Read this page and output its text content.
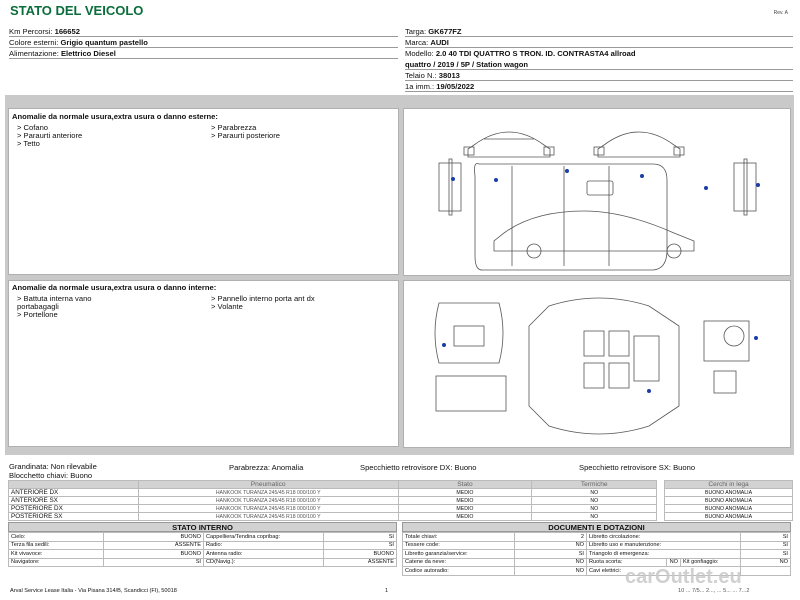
STATO DEL VEICOLO	Rev. A
Km Percorsi: 166652
Colore esterni: Grigio quantum pastello
Alimentazione: Elettrico Diesel
Targa: GK677FZ
Marca: AUDI
Modello: 2.0 40 TDI QUATTRO S TRON. ID. CONTRASTA4 allroad
quattro / 2019 / 5P / Station wagon
Telaio N.: 38013
1a imm.: 19/05/2022
Anomalie da normale usura,extra usura o danno esterne:
> Cofano
> Paraurti anteriore
> Tetto
> Parabrezza
> Paraurti posteriore
Anomalie da normale usura,extra usura o danno interne:
> Battuta interna vano
portabagagli
> Portellone
> Pannello interno porta ant dx
> Volante
Grandinata: Non rilevabile	Parabrezza: Anomalia	Specchietto retrovisore DX: Buono	Specchietto retrovisore SX: Buono
Blocchetto chiavi: Buono
	Pneumatico	Stato	Termiche		Cerchi in lega
ANTERIORE DX	HANKOOK TURANZA 245/45 R18 000/100 Y	MEDIO	NO		BUONO ANOMALIA
ANTERIORE SX	HANKOOK TURANZA 245/45 R18 000/100 Y	MEDIO	NO		BUONO ANOMALIA
POSTERIORE DX	HANKOOK TURANZA 245/45 R18 000/100 Y	MEDIO	NO		BUONO ANOMALIA
POSTERIORE SX	HANKOOK TURANZA 245/45 R18 000/100 Y	MEDIO	NO		BUONO ANOMALIA
STATO INTERNO
Cielo:	BUONO	Cappelliera/Tendina copribag:	SI
Terza fila sedili:	ASSENTE	Radio:	SI
Kit vivavoce:	BUONO	Antenna radio:	BUONO
Navigatore:	SI	CD(Navig.):	ASSENTE
DOCUMENTI E DOTAZIONI
Totale chiavi:	2	Libretto circolazione:			SI
Tessere code:	NO	Libretto uso e manutenzione:			SI
Libretto garanzia/service:	SI	Triangolo di emergenza:			SI
Catene da neve:	NO	Ruota scorta:	NO	Kit gonfiaggio:	NO
Codice autoradio:	NO	Cavi elettrici:			
Arval Service Lease Italia - Via Pisana 314/B, Scandicci (FI), 50018	1	10 ... 7/5... 2..., ... 5... ... 7...2
carOutlet.eu
